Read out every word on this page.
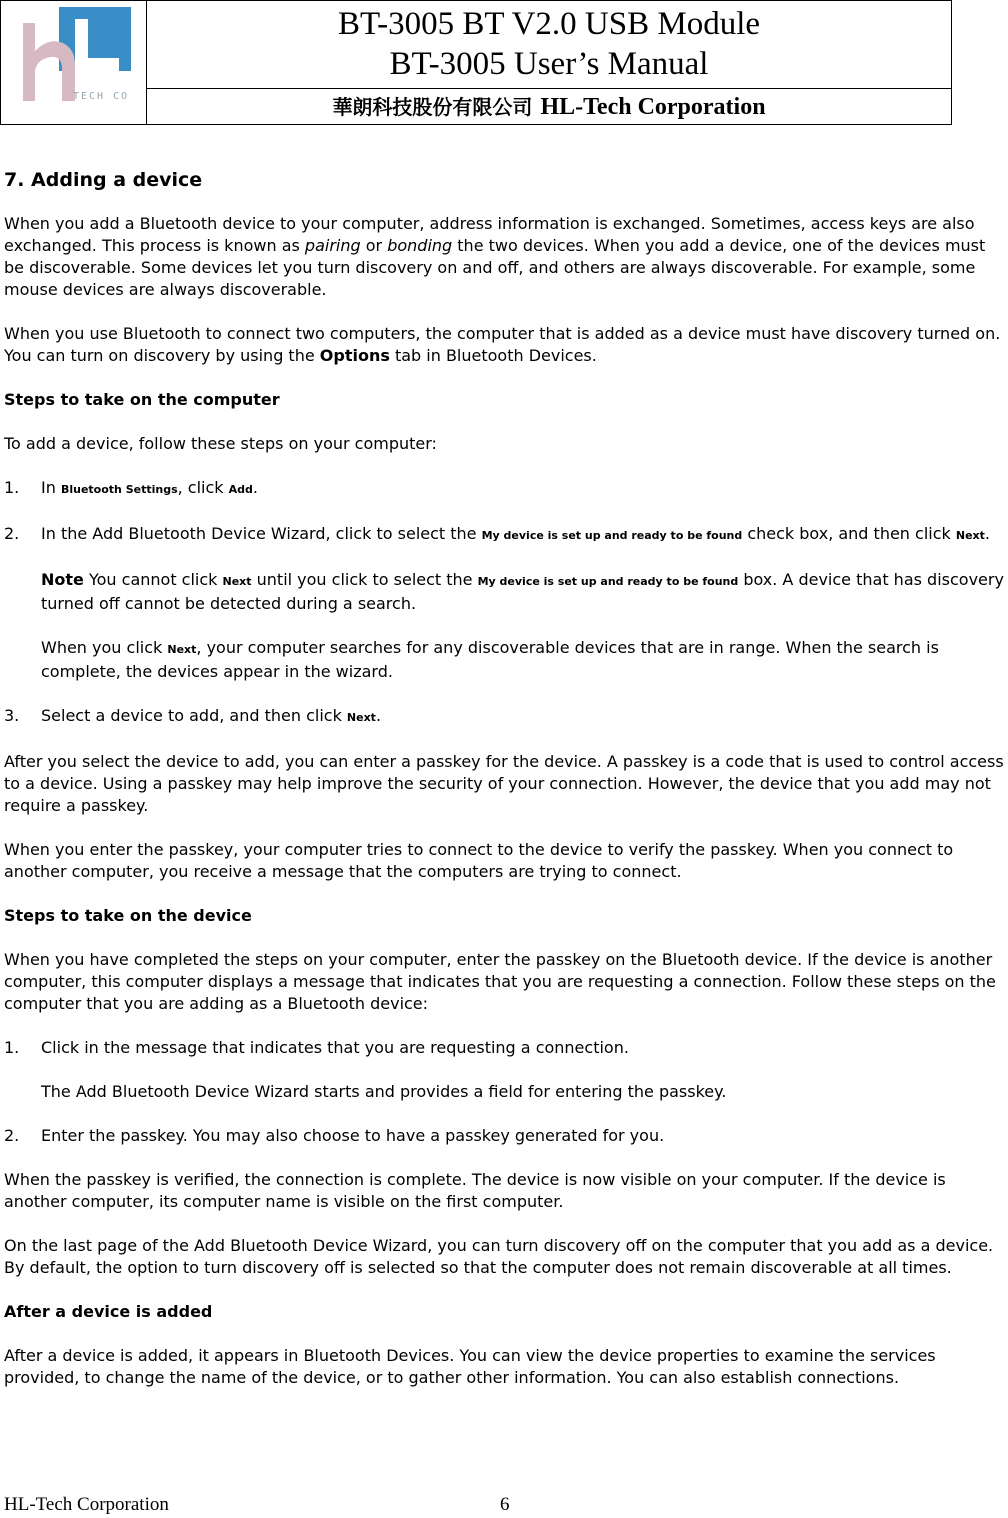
TECH CO

BT-3005 BT V2.0 USB Module
BT-3005 User’s Manual

華朗科技股份有限公司 HL-Tech Corporation

7. Adding a device

When you add a Bluetooth device to your computer, address information is exchanged. Sometimes, access keys are also exchanged. This process is known as pairing or bonding the two devices. When you add a device, one of the devices must be discoverable. Some devices let you turn discovery on and off, and others are always discoverable. For example, some mouse devices are always discoverable.

When you use Bluetooth to connect two computers, the computer that is added as a device must have discovery turned on. You can turn on discovery by using the Options tab in Bluetooth Devices.

Steps to take on the computer

To add a device, follow these steps on your computer:

1.	In Bluetooth Settings, click Add.
2.	In the Add Bluetooth Device Wizard, click to select the My device is set up and ready to be found check box, and then click Next.

Note You cannot click Next until you click to select the My device is set up and ready to be found box. A device that has discovery turned off cannot be detected during a search.

When you click Next, your computer searches for any discoverable devices that are in range. When the search is complete, the devices appear in the wizard.

3.	Select a device to add, and then click Next.

After you select the device to add, you can enter a passkey for the device. A passkey is a code that is used to control access to a device. Using a passkey may help improve the security of your connection. However, the device that you add may not require a passkey.

When you enter the passkey, your computer tries to connect to the device to verify the passkey. When you connect to another computer, you receive a message that the computers are trying to connect.

Steps to take on the device

When you have completed the steps on your computer, enter the passkey on the Bluetooth device. If the device is another computer, this computer displays a message that indicates that you are requesting a connection. Follow these steps on the computer that you are adding as a Bluetooth device:

1.	Click in the message that indicates that you are requesting a connection.

The Add Bluetooth Device Wizard starts and provides a field for entering the passkey.

2.	Enter the passkey. You may also choose to have a passkey generated for you.

When the passkey is verified, the connection is complete. The device is now visible on your computer. If the device is another computer, its computer name is visible on the first computer.

On the last page of the Add Bluetooth Device Wizard, you can turn discovery off on the computer that you add as a device. By default, the option to turn discovery off is selected so that the computer does not remain discoverable at all times.

After a device is added

After a device is added, it appears in Bluetooth Devices. You can view the device properties to examine the services provided, to change the name of the device, or to gather other information. You can also establish connections.

HL-Tech Corporation	6
